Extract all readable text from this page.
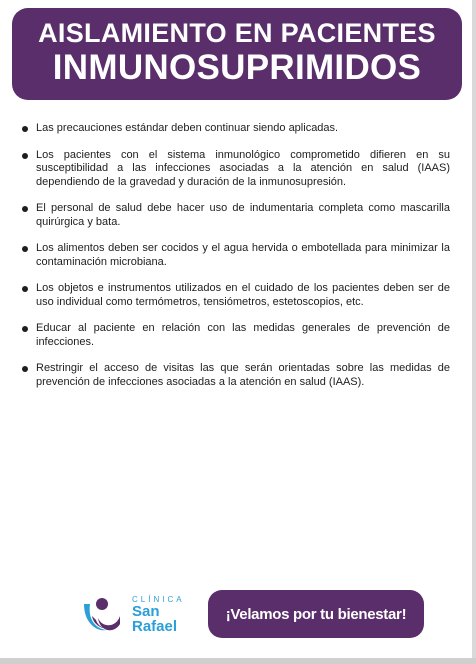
AISLAMIENTO EN PACIENTES
INMUNOSUPRIMIDOS
Las precauciones estándar deben continuar siendo aplicadas.
Los pacientes con el sistema inmunológico comprometido difieren en su susceptibilidad a las infecciones asociadas a la atención en salud (IAAS) dependiendo de la gravedad y duración de la inmunosupresión.
El personal de salud debe hacer uso de indumentaria completa como mascarilla quirúrgica y bata.
Los alimentos deben ser cocidos y el agua hervida o embotellada para minimizar la contaminación microbiana.
Los objetos e instrumentos utilizados en el cuidado de los pacientes deben ser de uso individual como termómetros, tensiómetros, estetoscopios, etc.
Educar al paciente en relación con las medidas generales de prevención de infecciones.
Restringir el acceso de visitas las que serán orientadas sobre las medidas de prevención de infecciones asociadas a la atención en salud (IAAS).
CLÍNICA
San
Rafael
¡Velamos por tu bienestar!
